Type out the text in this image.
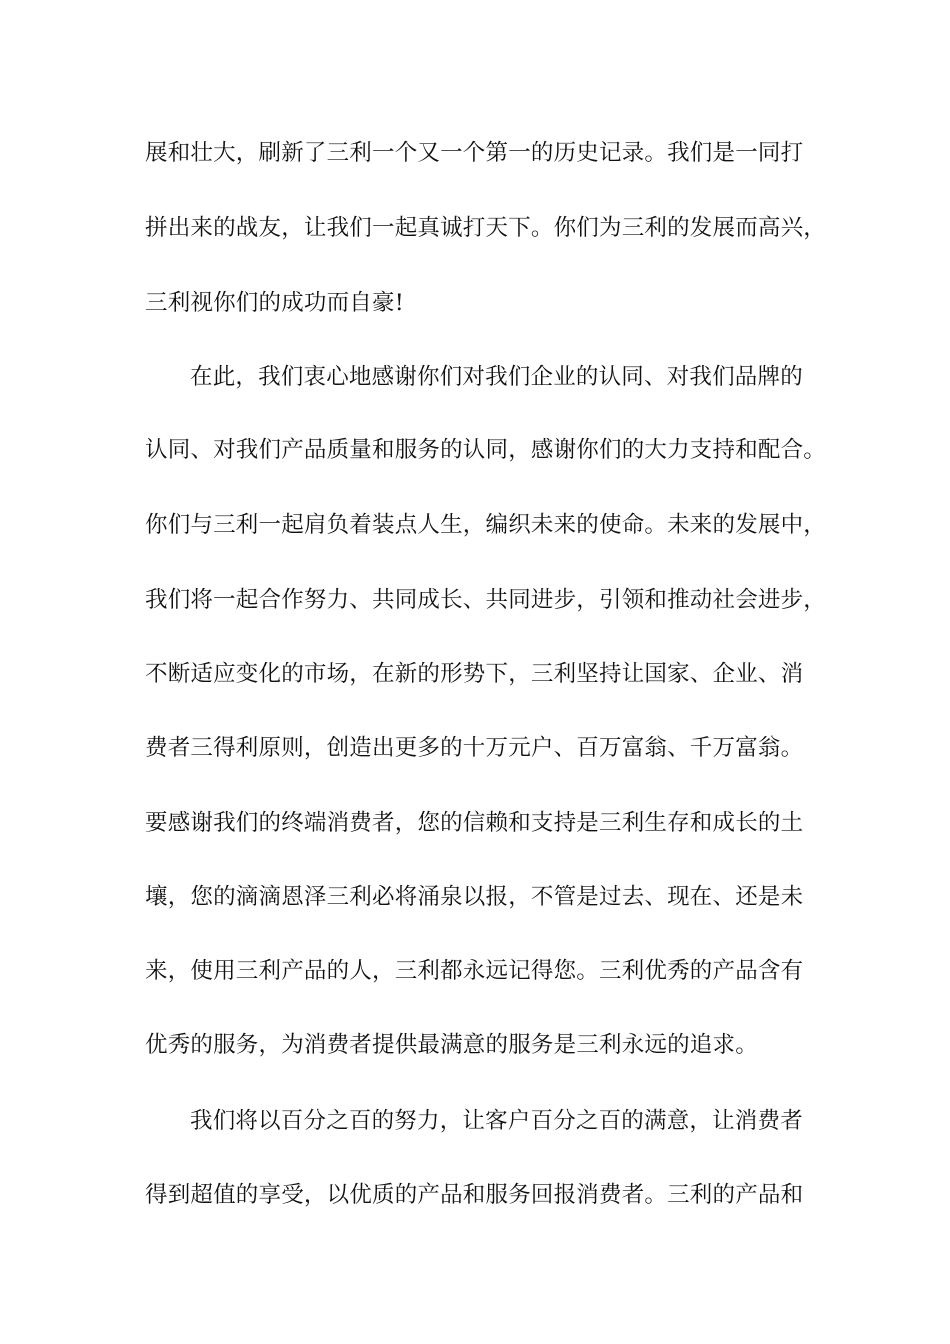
展和壮大，刷新了三利一个又一个第一的历史记录。我们是一同打
拼出来的战友，让我们一起真诚打天下。你们为三利的发展而高兴，
三利视你们的成功而自豪!
在此，我们衷心地感谢你们对我们企业的认同、对我们品牌的
认同、对我们产品质量和服务的认同，感谢你们的大力支持和配合。
你们与三利一起肩负着装点人生，编织未来的使命。未来的发展中，
我们将一起合作努力、共同成长、共同进步，引领和推动社会进步，
不断适应变化的市场，在新的形势下，三利坚持让国家、企业、消
费者三得利原则，创造出更多的十万元户、百万富翁、千万富翁。
要感谢我们的终端消费者，您的信赖和支持是三利生存和成长的土
壤，您的滴滴恩泽三利必将涌泉以报，不管是过去、现在、还是未
来，使用三利产品的人，三利都永远记得您。三利优秀的产品含有
优秀的服务，为消费者提供最满意的服务是三利永远的追求。
我们将以百分之百的努力，让客户百分之百的满意，让消费者
得到超值的享受，以优质的产品和服务回报消费者。三利的产品和
